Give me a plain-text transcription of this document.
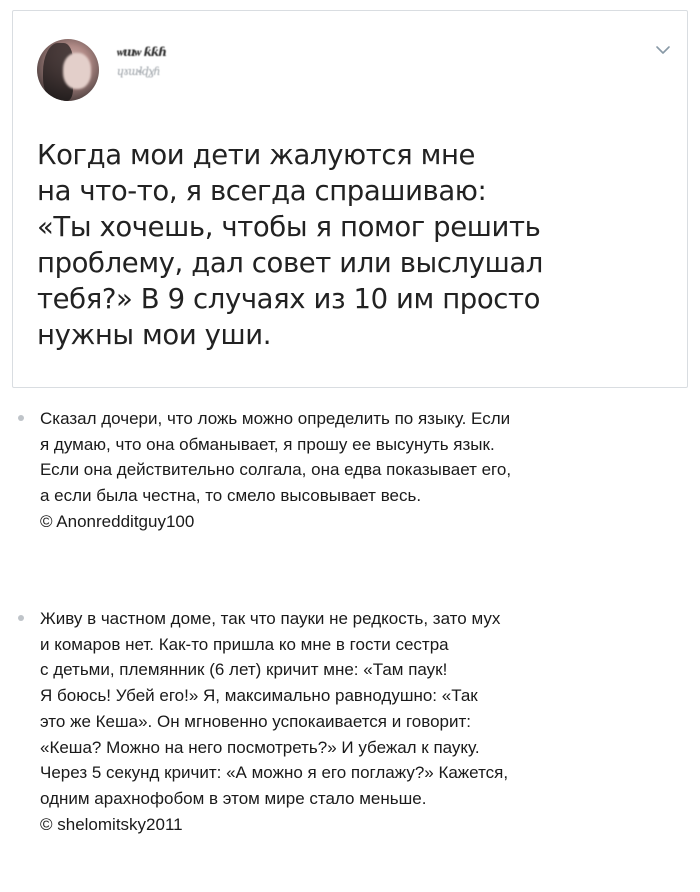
ѡɯѡ ƙƙɦ
ɥɤɯɬɖɣɦ
Когда мои дети жалуются мне
на что-то, я всегда спрашиваю:
«Ты хочешь, чтобы я помог решить
проблему, дал совет или выслушал
тебя?» В 9 случаях из 10 им просто
нужны мои уши.
Сказал дочери, что ложь можно определить по языку. Если
я думаю, что она обманывает, я прошу ее высунуть язык.
Если она действительно солгала, она едва показывает его,
а если была честна, то смело высовывает весь.
© Anonredditguy100
Живу в частном доме, так что пауки не редкость, зато мух
и комаров нет. Как-то пришла ко мне в гости сестра
с детьми, племянник (6 лет) кричит мне: «Там паук!
Я боюсь! Убей его!» Я, максимально равнодушно: «Так
это же Кеша». Он мгновенно успокаивается и говорит:
«Кеша? Можно на него посмотреть?» И убежал к пауку.
Через 5 секунд кричит: «А можно я его поглажу?» Кажется,
одним арахнофобом в этом мире стало меньше.
© shelomitsky2011
